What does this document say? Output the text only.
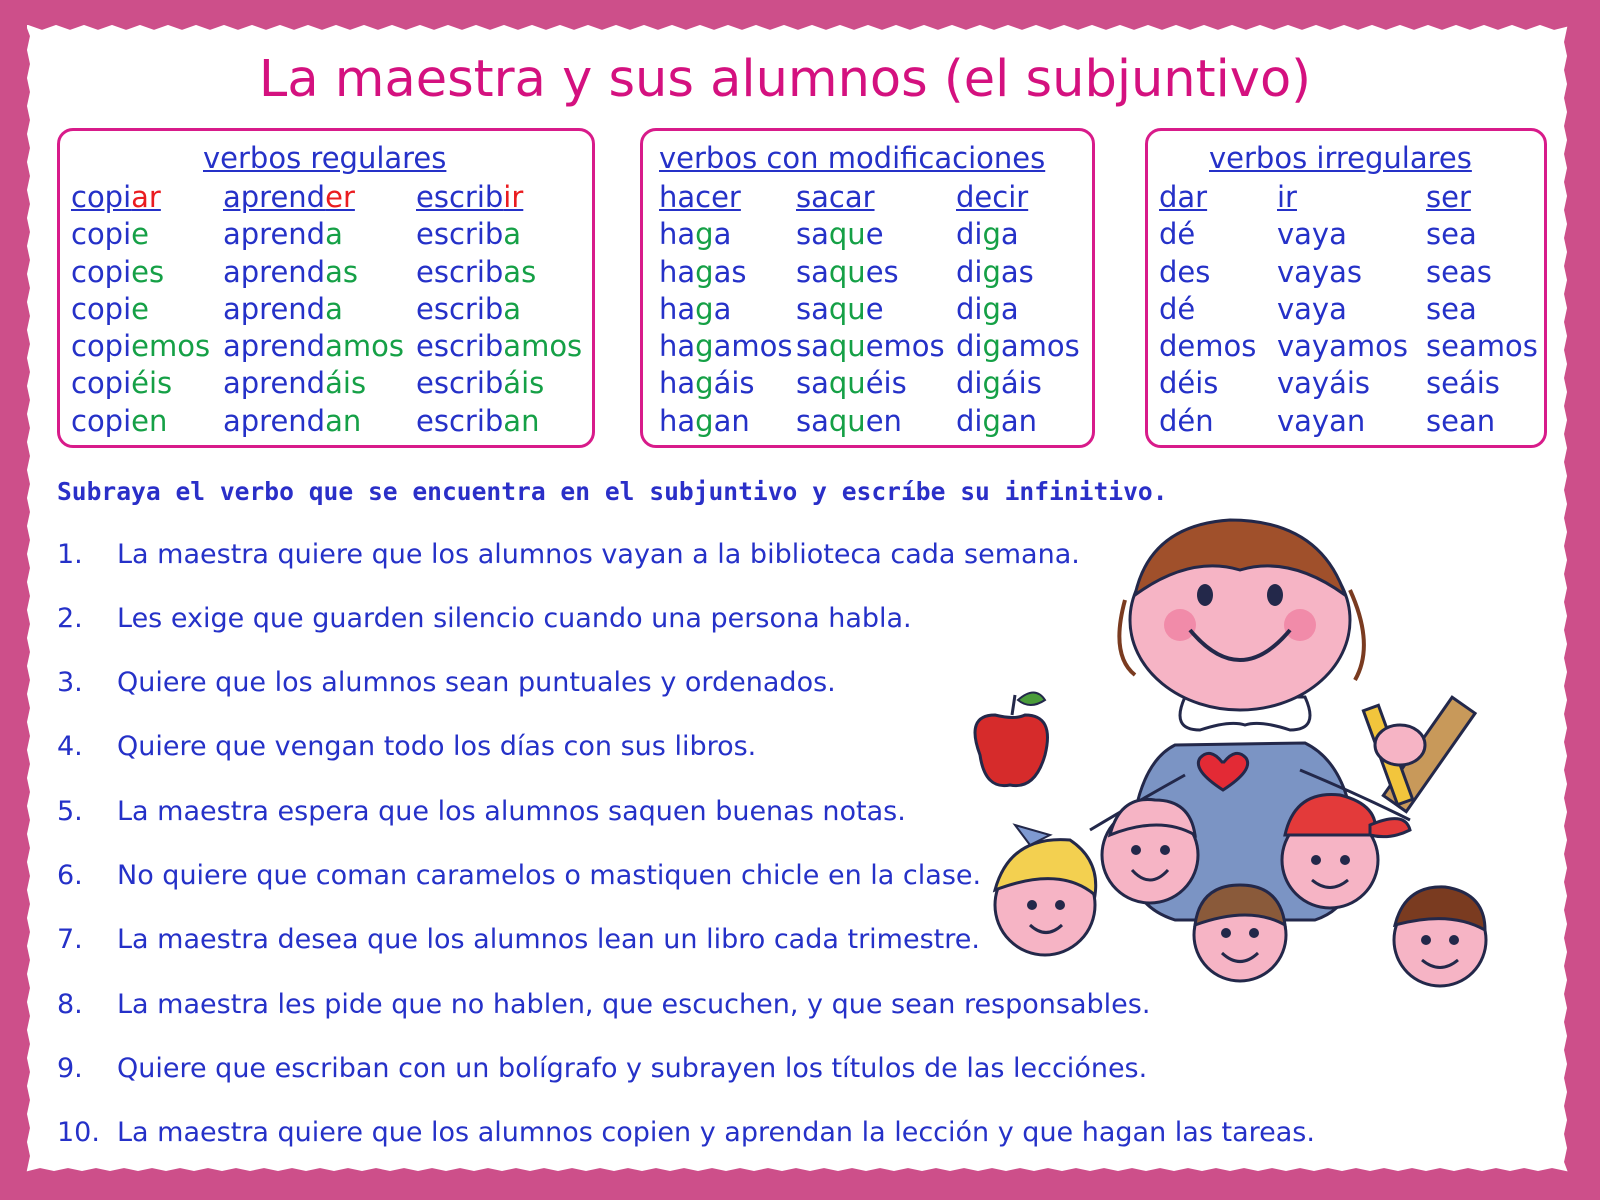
La maestra y sus alumnos (el subjuntivo)
verbos regulares
copiar
copie
copies
copie
copiemos
copiéis
copien
aprender
aprenda
aprendas
aprenda
aprendamos
aprendáis
aprendan
escribir
escriba
escribas
escriba
escribamos
escribáis
escriban
verbos con modificaciones
hacer
haga
hagas
haga
hagamos
hagáis
hagan
sacar
saque
saques
saque
saquemos
saquéis
saquen
decir
diga
digas
diga
digamos
digáis
digan
verbos irregulares
dar
dé
des
dé
demos
déis
dén
ir
vaya
vayas
vaya
vayamos
vayáis
vayan
ser
sea
seas
sea
seamos
seáis
sean

Subraya el verbo que se encuentra en el subjuntivo y escríbe su infinitivo.

1. La maestra quiere que los alumnos vayan a la biblioteca cada semana.
2. Les exige que guarden silencio cuando una persona habla.
3. Quiere que los alumnos sean puntuales y ordenados.
4. Quiere que vengan todo los días con sus libros.
5. La maestra espera que los alumnos saquen buenas notas.
6. No quiere que coman caramelos o mastiquen chicle en la clase.
7. La maestra desea que los alumnos lean un libro cada trimestre.
8. La maestra les pide que no hablen, que escuchen, y que sean responsables.
9. Quiere que escriban con un bolígrafo y subrayen los títulos de las lecciónes.
10. La maestra quiere que los alumnos copien y aprendan la lección y que hagan las tareas.
